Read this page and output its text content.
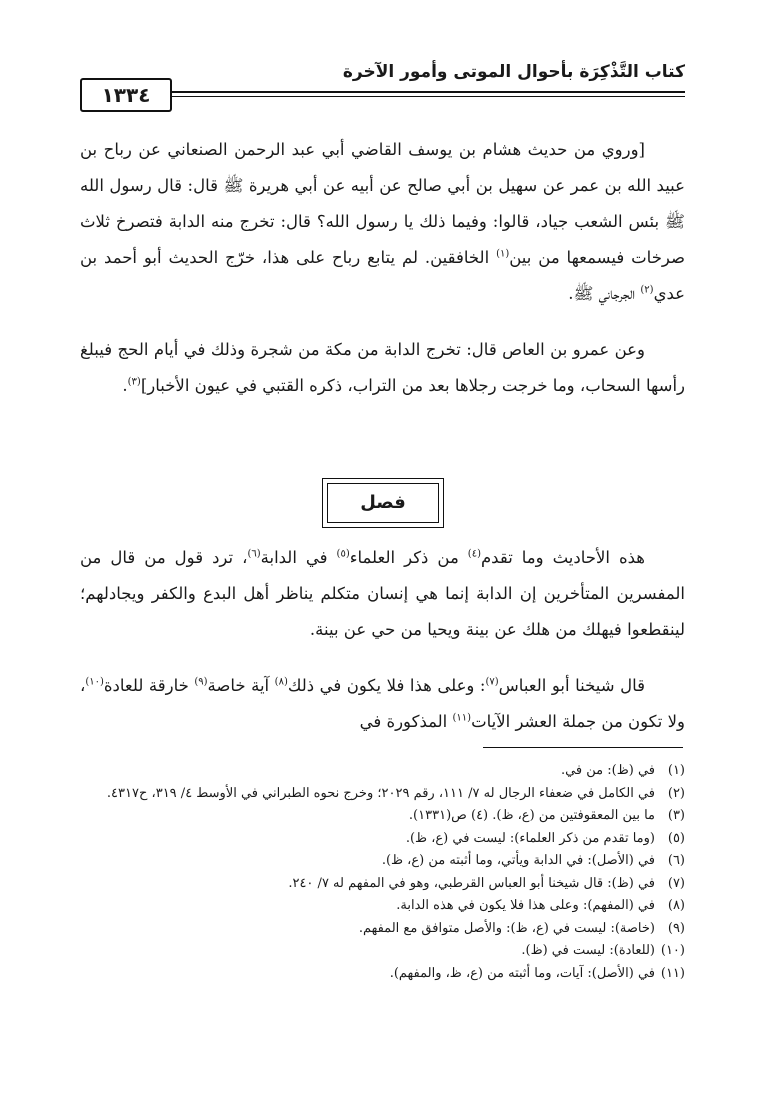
كتاب التَّذْكِرَة بأحوال الموتى وأمور الآخرة
١٣٣٤

[وروي من حديث هشام بن يوسف القاضي أبي عبد الرحمن الصنعاني عن رباح بن عبيد الله بن عمر عن سهيل بن أبي صالح عن أبيه عن أبي هريرة ﷺ قال: قال رسول الله ﷺ بئس الشعب جياد، قالوا: وفيما ذلك يا رسول الله؟ قال: تخرج منه الدابة فتصرخ ثلاث صرخات فيسمعها من بين$^{(١)}$ الخافقين. لم يتابع رباح على هذا، خرّج الحديث أبو أحمد بن عدي$^{(٢)}$ الجرجاني ﷺ.

وعن عمرو بن العاص قال: تخرج الدابة من مكة من شجرة وذلك في أيام الحج فيبلغ رأسها السحاب، وما خرجت رجلاها بعد من التراب، ذكره القتبي في عيون الأخبار]$^{(٣)}$.

فصل

هذه الأحاديث وما تقدم$^{(٤)}$ من ذكر العلماء$^{(٥)}$ في الدابة$^{(٦)}$، ترد قول من قال من المفسرين المتأخرين إن الدابة إنما هي إنسان متكلم يناظر أهل البدع والكفر ويجادلهم؛ لينقطعوا فيهلك من هلك عن بينة ويحيا من حي عن بينة.

قال شيخنا أبو العباس$^{(٧)}$: وعلى هذا فلا يكون في ذلك$^{(٨)}$ آية خاصة$^{(٩)}$ خارقة للعادة$^{(١٠)}$، ولا تكون من جملة العشر الآيات$^{(١١)}$ المذكورة في

(١)
في (ظ): من في.
(٢)
في الكامل في ضعفاء الرجال له ٧/ ١١١، رقم ٢٠٢٩؛ وخرج نحوه الطبراني في الأوسط ٤/ ٣١٩، ح٤٣١٧.
(٣)
ما بين المعقوفتين من (ع، ظ). (٤) ص(١٣٣١).
(٥)
(وما تقدم من ذكر العلماء): ليست في (ع، ظ).
(٦)
في (الأصل): في الدابة ويأتي، وما أثبته من (ع، ظ).
(٧)
في (ظ): قال شيخنا أبو العباس القرطبي، وهو في المفهم له ٧/ ٢٤٠.
(٨)
في (المفهم): وعلى هذا فلا يكون في هذه الدابة.
(٩)
(خاصة): ليست في (ع، ظ): والأصل متوافق مع المفهم.
(١٠)
(للعادة): ليست في (ظ).
(١١)
في (الأصل): آيات، وما أثبته من (ع، ظ، والمفهم).
